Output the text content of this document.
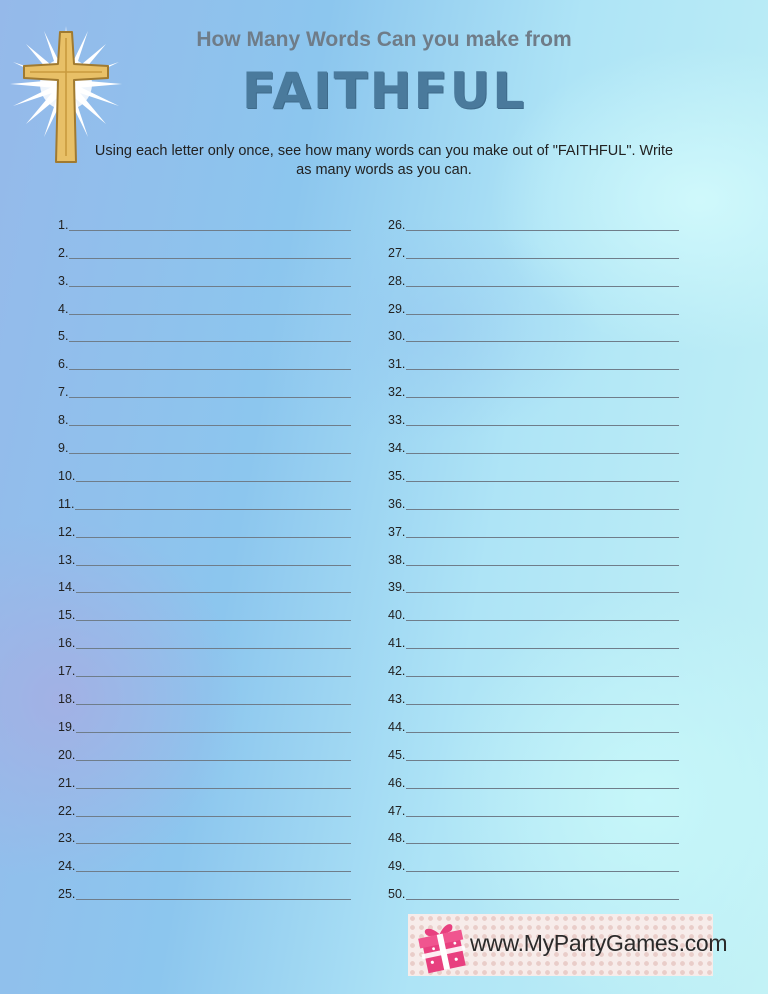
How Many Words Can you make from
FAITHFUL
Using each letter only once, see how many words can you make out of "FAITHFUL". Write as many words as you can.
1.
2.
3.
4.
5.
6.
7.
8.
9.
10.
11.
12.
13.
14.
15.
16.
17.
18.
19.
20.
21.
22.
23.
24.
25.
26.
27.
28.
29.
30.
31.
32.
33.
34.
35.
36.
37.
38.
39.
40.
41.
42.
43.
44.
45.
46.
47.
48.
49.
50.
www.MyPartyGames.com
